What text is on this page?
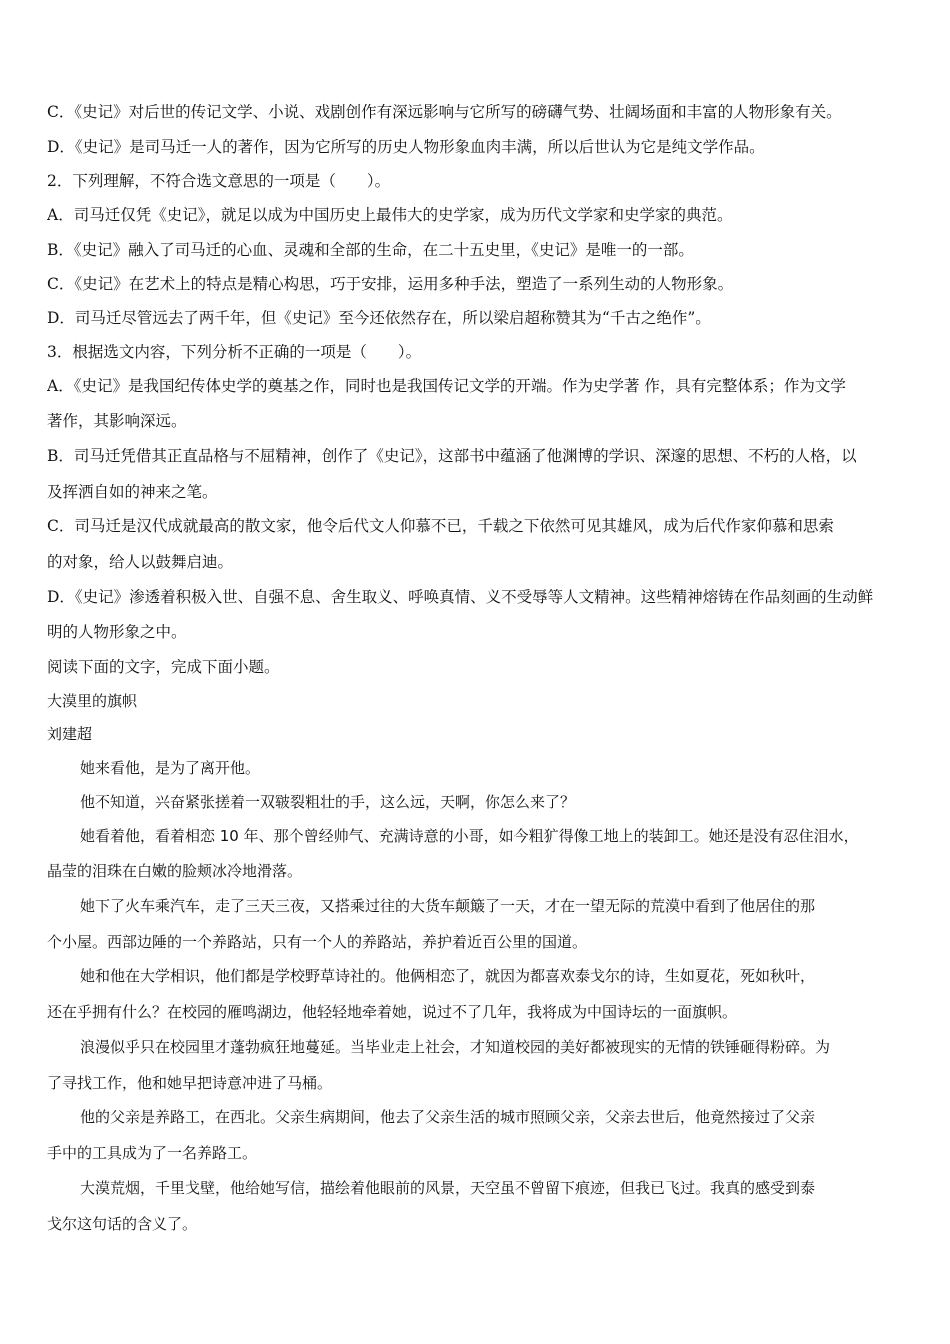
C．《史记》对后世的传记文学、小说、戏剧创作有深远影响与它所写的磅礴气势、壮阔场面和丰富的人物形象有关。
D．《史记》是司马迁一人的著作，因为它所写的历史人物形象血肉丰满，所以后世认为它是纯文学作品。
2．下列理解，不符合选文意思的一项是（　　）。
A．司马迁仅凭《史记》，就足以成为中国历史上最伟大的史学家，成为历代文学家和史学家的典范。
B．《史记》融入了司马迁的心血、灵魂和全部的生命，在二十五史里，《史记》是唯一的一部。
C．《史记》在艺术上的特点是精心构思，巧于安排，运用多种手法，塑造了一系列生动的人物形象。
D．司马迁尽管远去了两千年，但《史记》至今还依然存在，所以梁启超称赞其为“千古之绝作”。
3．根据选文内容，下列分析不正确的一项是（　　）。
A．《史记》是我国纪传体史学的奠基之作，同时也是我国传记文学的开端。作为史学著 作，具有完整体系；作为文学
著作，其影响深远。
B．司马迁凭借其正直品格与不屈精神，创作了《史记》，这部书中蕴涵了他渊博的学识、深邃的思想、不朽的人格，以
及挥洒自如的神来之笔。
C．司马迁是汉代成就最高的散文家，他令后代文人仰慕不已，千载之下依然可见其雄风，成为后代作家仰慕和思索
的对象，给人以鼓舞启迪。
D．《史记》渗透着积极入世、自强不息、舍生取义、呼唤真情、义不受辱等人文精神。这些精神熔铸在作品刻画的生动鲜
明的人物形象之中。
阅读下面的文字，完成下面小题。
大漠里的旗帜
刘建超
她来看他，是为了离开他。
他不知道，兴奋紧张搓着一双皲裂粗壮的手，这么远，天啊，你怎么来了？
她看着他，看着相恋 10 年、那个曾经帅气、充满诗意的小哥，如今粗犷得像工地上的装卸工。她还是没有忍住泪水，
晶莹的泪珠在白嫩的脸颊冰冷地滑落。
她下了火车乘汽车，走了三天三夜，又搭乘过往的大货车颠簸了一天，才在一望无际的荒漠中看到了他居住的那
个小屋。西部边陲的一个养路站，只有一个人的养路站，养护着近百公里的国道。
她和他在大学相识，他们都是学校野草诗社的。他俩相恋了，就因为都喜欢泰戈尔的诗，生如夏花，死如秋叶，
还在乎拥有什么？在校园的雁鸣湖边，他轻轻地牵着她，说过不了几年，我将成为中国诗坛的一面旗帜。
浪漫似乎只在校园里才蓬勃疯狂地蔓延。当毕业走上社会，才知道校园的美好都被现实的无情的铁锤砸得粉碎。为
了寻找工作，他和她早把诗意冲进了马桶。
他的父亲是养路工，在西北。父亲生病期间，他去了父亲生活的城市照顾父亲，父亲去世后，他竟然接过了父亲
手中的工具成为了一名养路工。
大漠荒烟，千里戈壁，他给她写信，描绘着他眼前的风景，天空虽不曾留下痕迹，但我已飞过。我真的感受到泰
戈尔这句话的含义了。
